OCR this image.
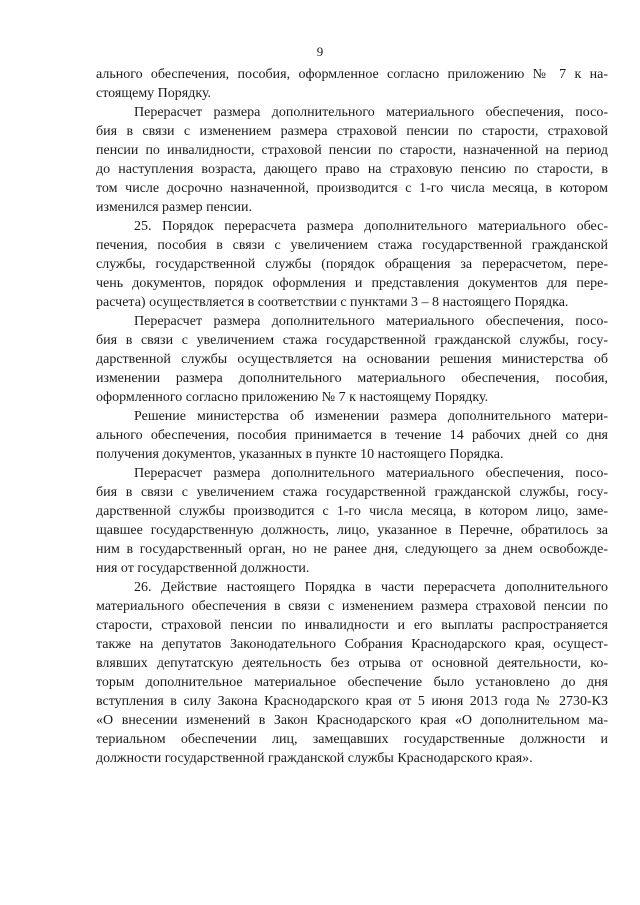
9
ального обеспечения, пособия, оформленное согласно приложению № 7 к на-
стоящему Порядку.
Перерасчет размера дополнительного материального обеспечения, посо-
бия в связи с изменением размера страховой пенсии по старости, страховой
пенсии по инвалидности, страховой пенсии по старости, назначенной на период
до наступления возраста, дающего право на страховую пенсию по старости, в
том числе досрочно назначенной, производится с 1-го числа месяца, в котором
изменился размер пенсии.
25. Порядок перерасчета размера дополнительного материального обес-
печения, пособия в связи с увеличением стажа государственной гражданской
службы, государственной службы (порядок обращения за перерасчетом, пере-
чень документов, порядок оформления и представления документов для пере-
расчета) осуществляется в соответствии с пунктами 3 – 8 настоящего Порядка.
Перерасчет размера дополнительного материального обеспечения, посо-
бия в связи с увеличением стажа государственной гражданской службы, госу-
дарственной службы осуществляется на основании решения министерства об
изменении размера дополнительного материального обеспечения, пособия,
оформленного согласно приложению № 7 к настоящему Порядку.
Решение министерства об изменении размера дополнительного матери-
ального обеспечения, пособия принимается в течение 14 рабочих дней со дня
получения документов, указанных в пункте 10 настоящего Порядка.
Перерасчет размера дополнительного материального обеспечения, посо-
бия в связи с увеличением стажа государственной гражданской службы, госу-
дарственной службы производится с 1-го числа месяца, в котором лицо, заме-
щавшее государственную должность, лицо, указанное в Перечне, обратилось за
ним в государственный орган, но не ранее дня, следующего за днем освобожде-
ния от государственной должности.
26. Действие настоящего Порядка в части перерасчета дополнительного
материального обеспечения в связи с изменением размера страховой пенсии по
старости, страховой пенсии по инвалидности и его выплаты распространяется
также на депутатов Законодательного Собрания Краснодарского края, осущест-
влявших депутатскую деятельность без отрыва от основной деятельности, ко-
торым дополнительное материальное обеспечение было установлено до дня
вступления в силу Закона Краснодарского края от 5 июня 2013 года № 2730-КЗ
«О внесении изменений в Закон Краснодарского края «О дополнительном ма-
териальном обеспечении лиц, замещавших государственные должности и
должности государственной гражданской службы Краснодарского края».
